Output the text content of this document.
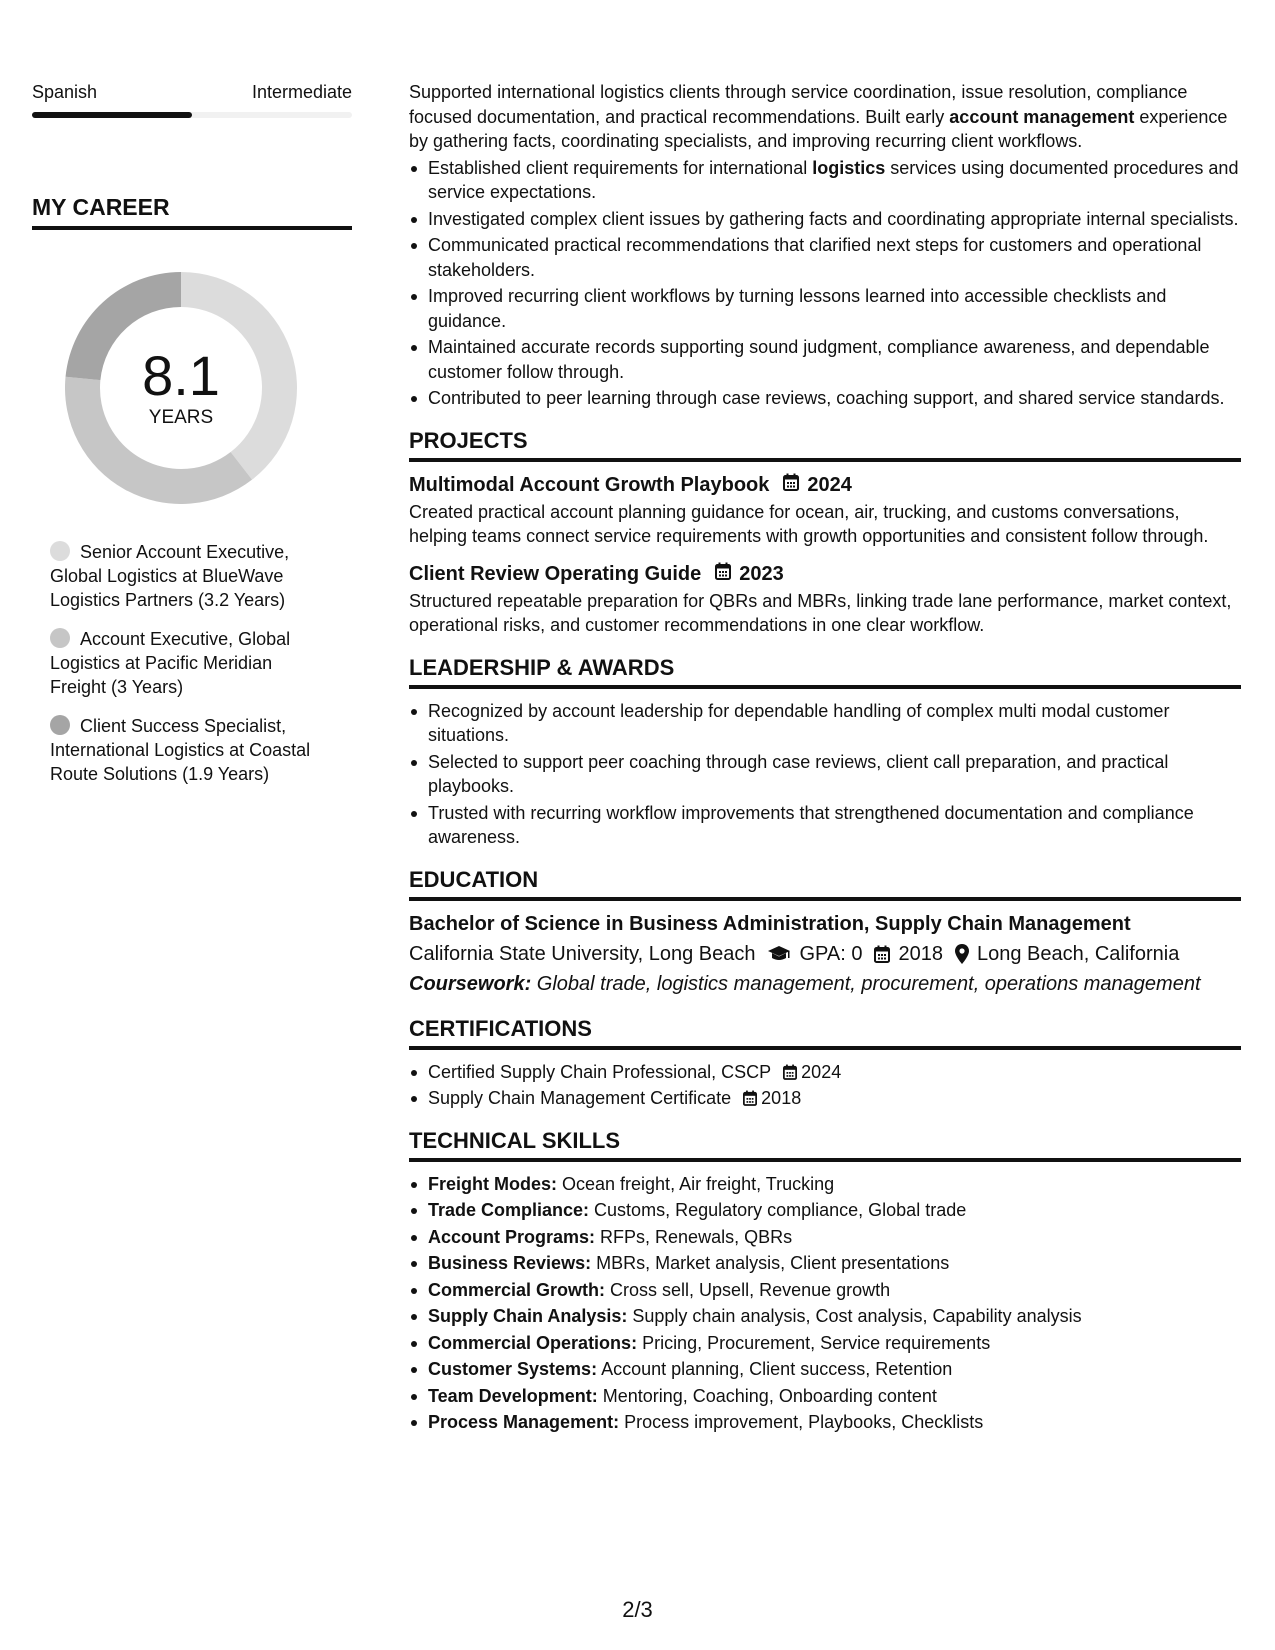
Spanish	Intermediate
MY CAREER
8.1
YEARS
Senior Account Executive, Global Logistics at BlueWave Logistics Partners (3.2 Years)
Account Executive, Global Logistics at Pacific Meridian Freight (3 Years)
Client Success Specialist, International Logistics at Coastal Route Solutions (1.9 Years)

Supported international logistics clients through service coordination, issue resolution, compliance focused documentation, and practical recommendations. Built early account management experience by gathering facts, coordinating specialists, and improving recurring client workflows.

Established client requirements for international logistics services using documented procedures and service expectations.
Investigated complex client issues by gathering facts and coordinating appropriate internal specialists.
Communicated practical recommendations that clarified next steps for customers and operational stakeholders.
Improved recurring client workflows by turning lessons learned into accessible checklists and guidance.
Maintained accurate records supporting sound judgment, compliance awareness, and dependable customer follow through.
Contributed to peer learning through case reviews, coaching support, and shared service standards.
PROJECTS
Multimodal Account Growth Playbook 2024

Created practical account planning guidance for ocean, air, trucking, and customs conversations, helping teams connect service requirements with growth opportunities and consistent follow through.

Client Review Operating Guide 2023

Structured repeatable preparation for QBRs and MBRs, linking trade lane performance, market context, operational risks, and customer recommendations in one clear workflow.

LEADERSHIP & AWARDS
Recognized by account leadership for dependable handling of complex multi modal customer situations.
Selected to support peer coaching through case reviews, client call preparation, and practical playbooks.
Trusted with recurring workflow improvements that strengthened documentation and compliance awareness.
EDUCATION
Bachelor of Science in Business Administration, Supply Chain Management
California State University, Long Beach GPA: 0 2018 Long Beach, California
Coursework: Global trade, logistics management, procurement, operations management
CERTIFICATIONS
Certified Supply Chain Professional, CSCP 2024
Supply Chain Management Certificate 2018
TECHNICAL SKILLS
Freight Modes: Ocean freight, Air freight, Trucking
Trade Compliance: Customs, Regulatory compliance, Global trade
Account Programs: RFPs, Renewals, QBRs
Business Reviews: MBRs, Market analysis, Client presentations
Commercial Growth: Cross sell, Upsell, Revenue growth
Supply Chain Analysis: Supply chain analysis, Cost analysis, Capability analysis
Commercial Operations: Pricing, Procurement, Service requirements
Customer Systems: Account planning, Client success, Retention
Team Development: Mentoring, Coaching, Onboarding content
Process Management: Process improvement, Playbooks, Checklists
2/3
